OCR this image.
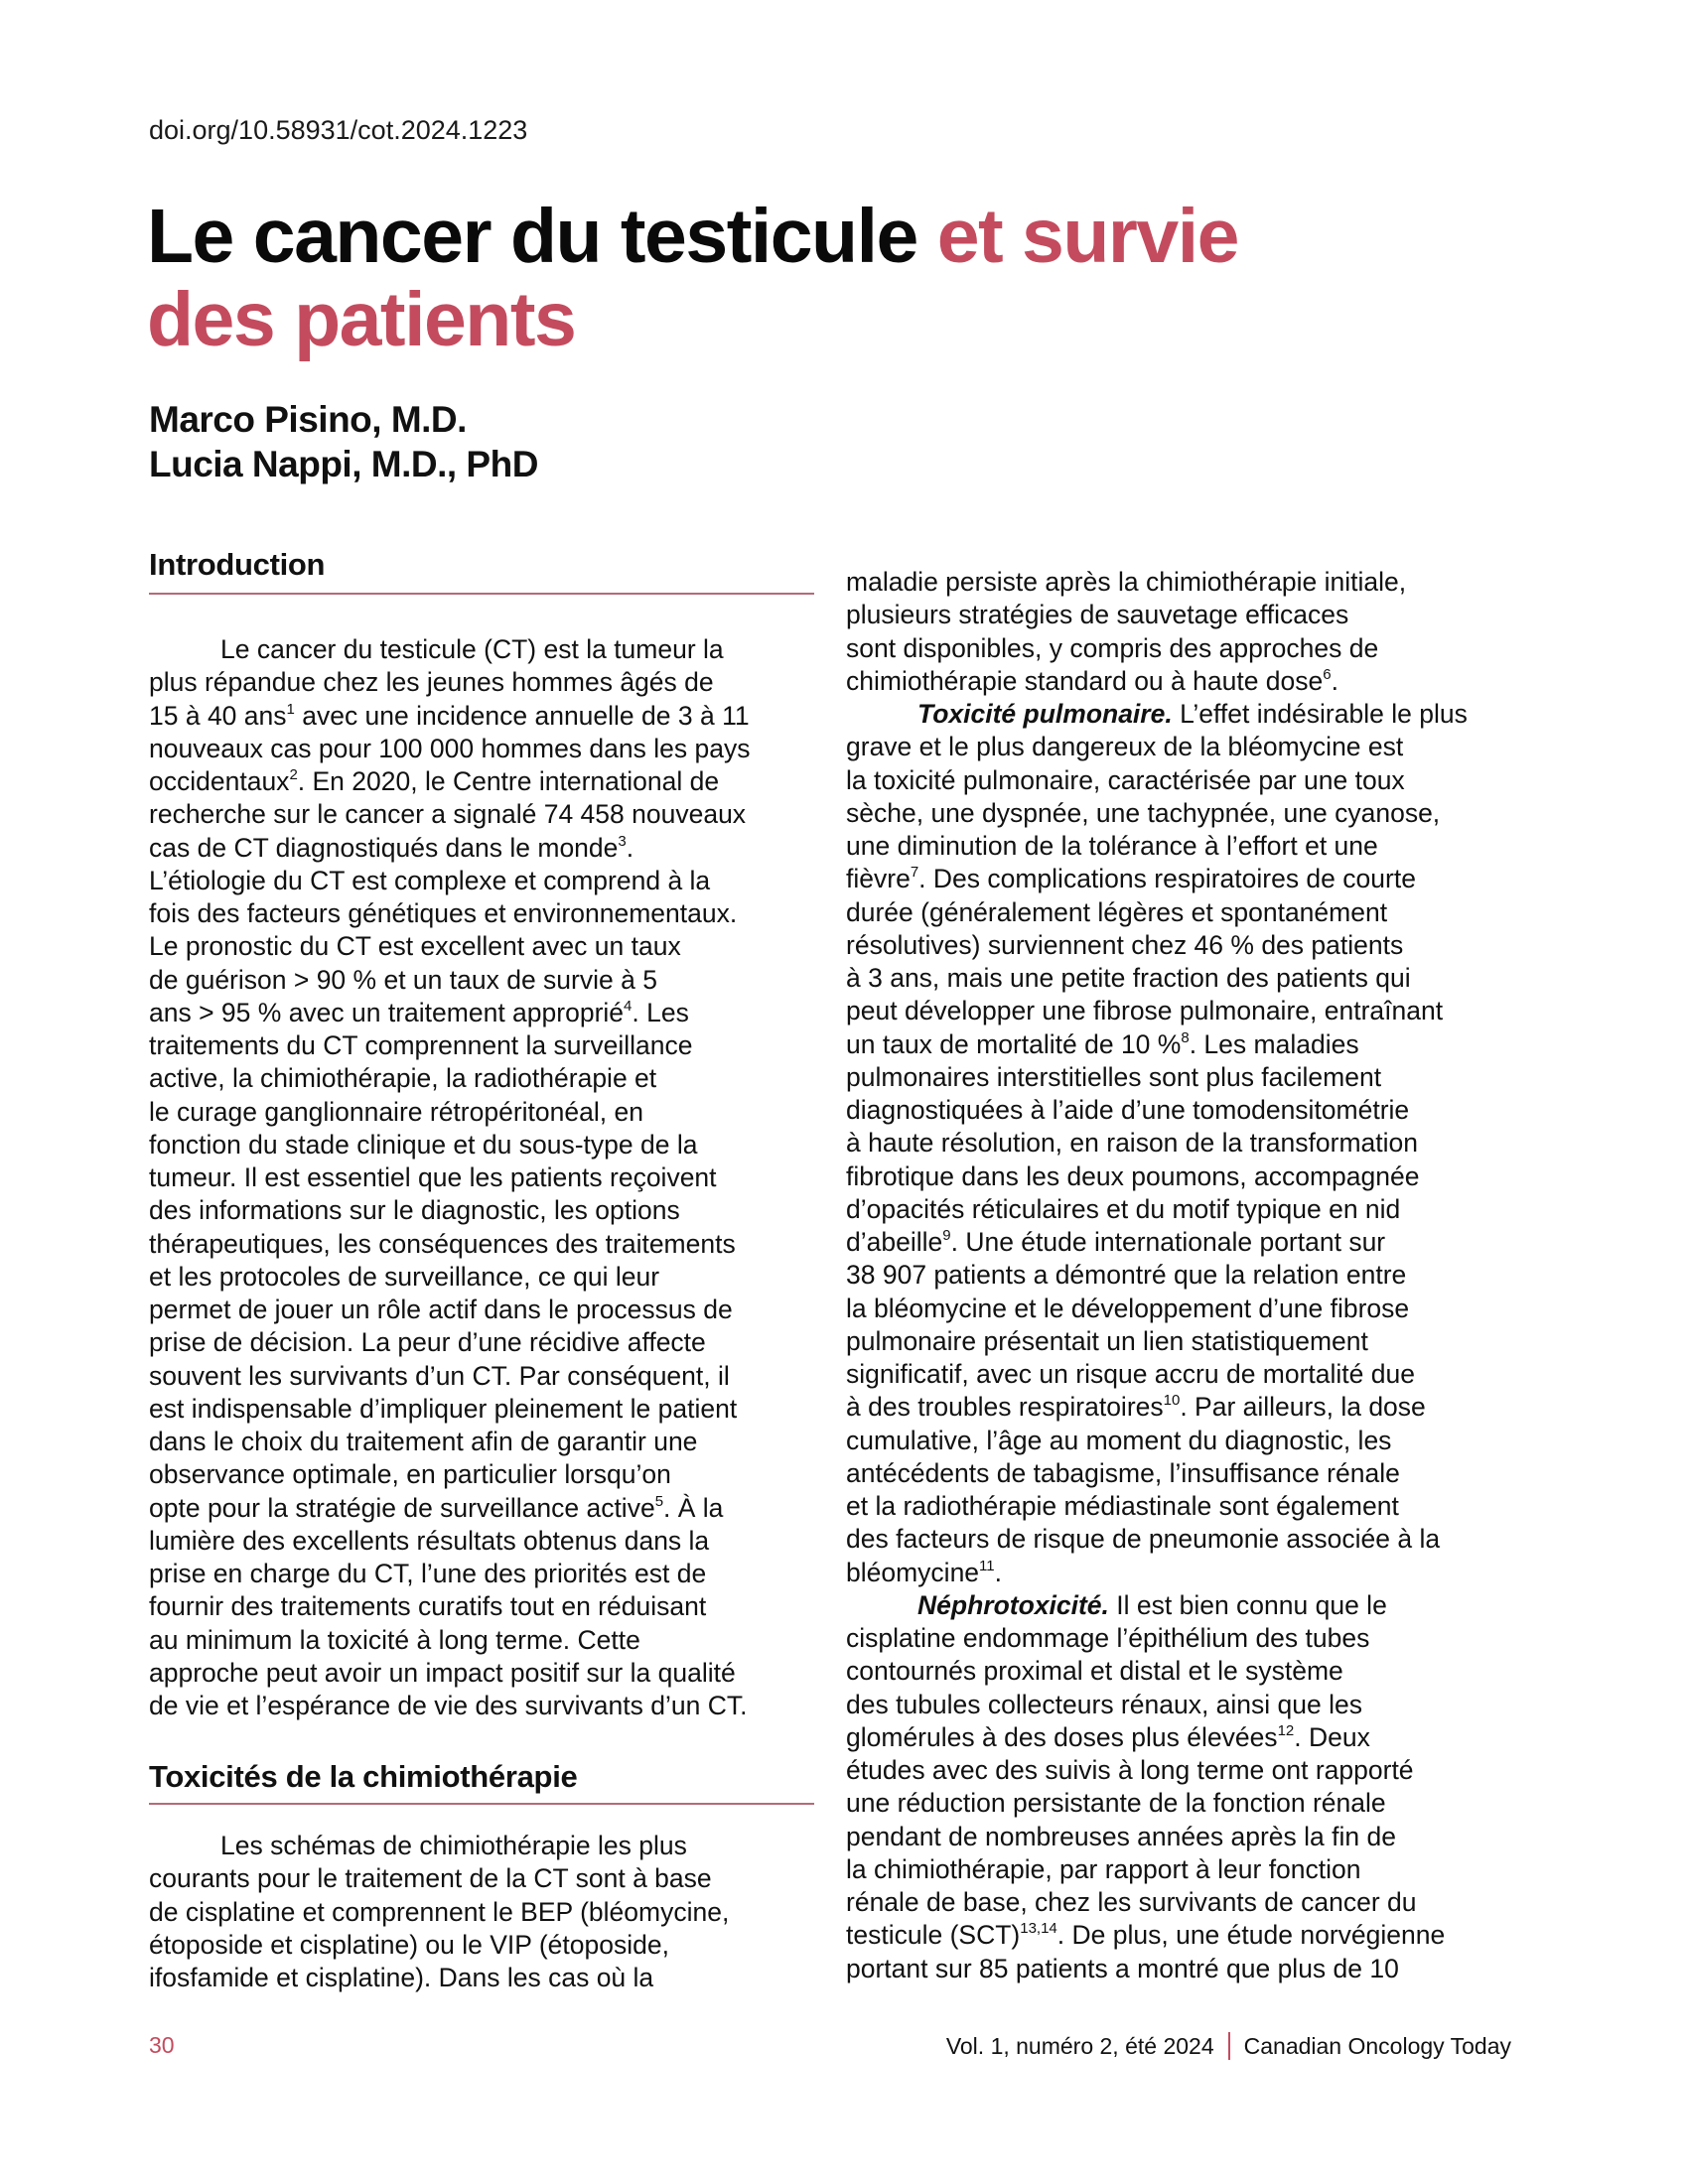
doi.org/10.58931/cot.2024.1223
Le cancer du testicule et survie
des patients
Marco Pisino, M.D.
Lucia Nappi, M.D., PhD
Introduction
Le cancer du testicule (CT) est la tumeur la
plus répandue chez les jeunes hommes âgés de
15 à 40 ans$^1$ avec une incidence annuelle de 3 à 11
nouveaux cas pour 100 000 hommes dans les pays
occidentaux$^2$. En 2020, le Centre international de
recherche sur le cancer a signalé 74 458 nouveaux
cas de CT diagnostiqués dans le monde$^3$.
L’étiologie du CT est complexe et comprend à la
fois des facteurs génétiques et environnementaux.
Le pronostic du CT est excellent avec un taux
de guérison > 90 % et un taux de survie à 5
ans > 95 % avec un traitement approprié$^4$. Les
traitements du CT comprennent la surveillance
active, la chimiothérapie, la radiothérapie et
le curage ganglionnaire rétropéritonéal, en
fonction du stade clinique et du sous-type de la
tumeur. Il est essentiel que les patients reçoivent
des informations sur le diagnostic, les options
thérapeutiques, les conséquences des traitements
et les protocoles de surveillance, ce qui leur
permet de jouer un rôle actif dans le processus de
prise de décision. La peur d’une récidive affecte
souvent les survivants d’un CT. Par conséquent, il
est indispensable d’impliquer pleinement le patient
dans le choix du traitement afin de garantir une
observance optimale, en particulier lorsqu’on
opte pour la stratégie de surveillance active$^5$. À la
lumière des excellents résultats obtenus dans la
prise en charge du CT, l’une des priorités est de
fournir des traitements curatifs tout en réduisant
au minimum la toxicité à long terme. Cette
approche peut avoir un impact positif sur la qualité
de vie et l’espérance de vie des survivants d’un CT.
Toxicités de la chimiothérapie
Les schémas de chimiothérapie les plus
courants pour le traitement de la CT sont à base
de cisplatine et comprennent le BEP (bléomycine,
étoposide et cisplatine) ou le VIP (étoposide,
ifosfamide et cisplatine). Dans les cas où la
maladie persiste après la chimiothérapie initiale,
plusieurs stratégies de sauvetage efficaces
sont disponibles, y compris des approches de
chimiothérapie standard ou à haute dose$^6$.
Toxicité pulmonaire. L’effet indésirable le plus
grave et le plus dangereux de la bléomycine est
la toxicité pulmonaire, caractérisée par une toux
sèche, une dyspnée, une tachypnée, une cyanose,
une diminution de la tolérance à l’effort et une
fièvre$^7$. Des complications respiratoires de courte
durée (généralement légères et spontanément
résolutives) surviennent chez 46 % des patients
à 3 ans, mais une petite fraction des patients qui
peut développer une fibrose pulmonaire, entraînant
un taux de mortalité de 10 %$^8$. Les maladies
pulmonaires interstitielles sont plus facilement
diagnostiquées à l’aide d’une tomodensitométrie
à haute résolution, en raison de la transformation
fibrotique dans les deux poumons, accompagnée
d’opacités réticulaires et du motif typique en nid
d’abeille$^9$. Une étude internationale portant sur
38 907 patients a démontré que la relation entre
la bléomycine et le développement d’une fibrose
pulmonaire présentait un lien statistiquement
significatif, avec un risque accru de mortalité due
à des troubles respiratoires$^{10}$. Par ailleurs, la dose
cumulative, l’âge au moment du diagnostic, les
antécédents de tabagisme, l’insuffisance rénale
et la radiothérapie médiastinale sont également
des facteurs de risque de pneumonie associée à la
bléomycine$^{11}$.
Néphrotoxicité. Il est bien connu que le
cisplatine endommage l’épithélium des tubes
contournés proximal et distal et le système
des tubules collecteurs rénaux, ainsi que les
glomérules à des doses plus élevées$^{12}$. Deux
études avec des suivis à long terme ont rapporté
une réduction persistante de la fonction rénale
pendant de nombreuses années après la fin de
la chimiothérapie, par rapport à leur fonction
rénale de base, chez les survivants de cancer du
testicule (SCT)$^{13,14}$. De plus, une étude norvégienne
portant sur 85 patients a montré que plus de 10
30	Vol. 1, numéro 2, été 2024 Canadian Oncology Today
